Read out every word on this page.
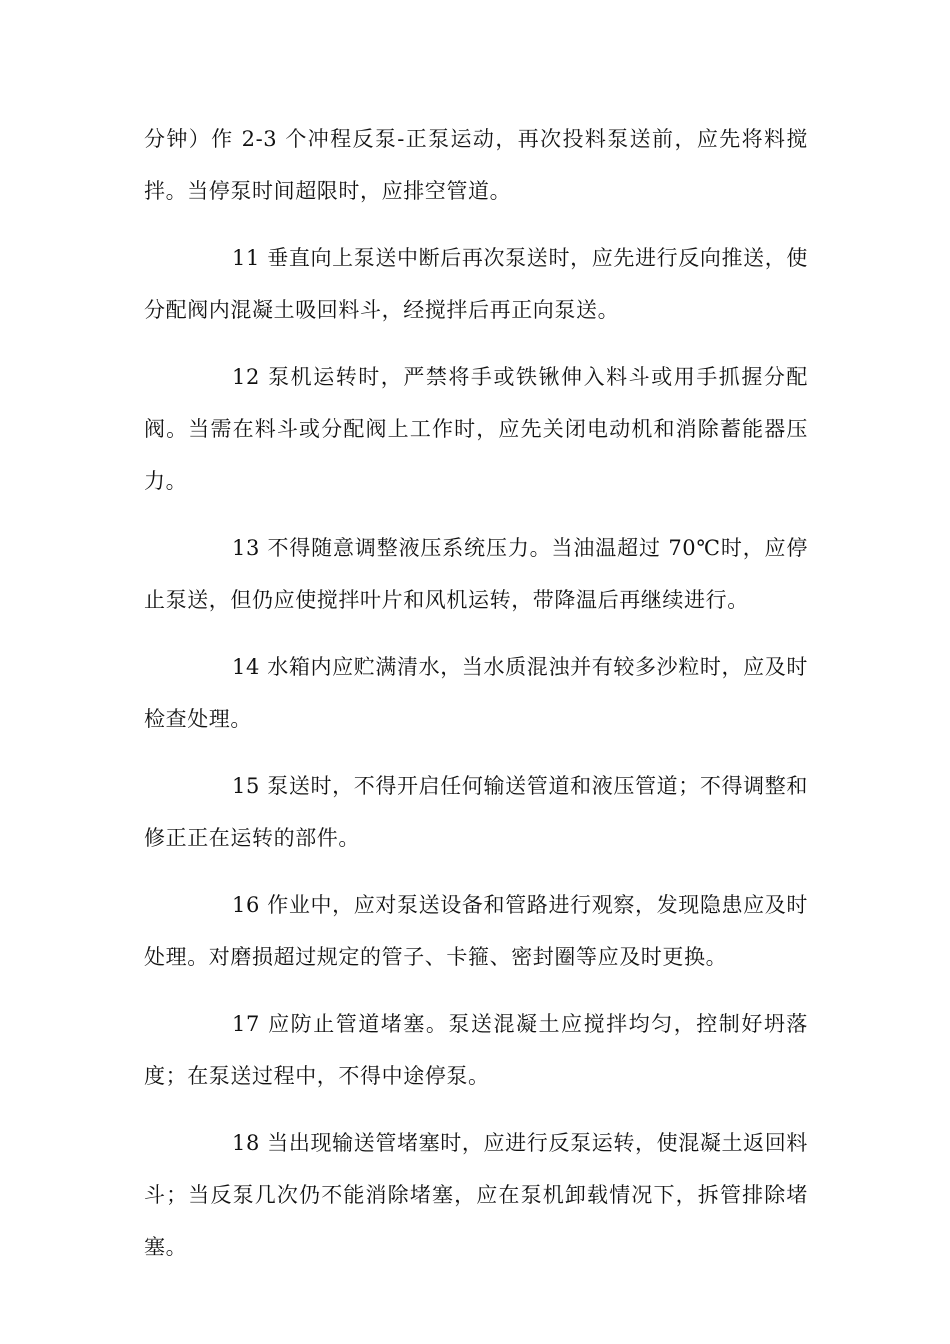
分钟）作 2-3 个冲程反泵-正泵运动，再次投料泵送前，应先将料搅拌。当停泵时间超限时，应排空管道。

11 垂直向上泵送中断后再次泵送时，应先进行反向推送，使分配阀内混凝土吸回料斗，经搅拌后再正向泵送。

12 泵机运转时，严禁将手或铁锹伸入料斗或用手抓握分配阀。当需在料斗或分配阀上工作时，应先关闭电动机和消除蓄能器压力。

13 不得随意调整液压系统压力。当油温超过 70℃时，应停止泵送，但仍应使搅拌叶片和风机运转，带降温后再继续进行。

14 水箱内应贮满清水，当水质混浊并有较多沙粒时，应及时检查处理。

15 泵送时，不得开启任何输送管道和液压管道；不得调整和修正正在运转的部件。

16 作业中，应对泵送设备和管路进行观察，发现隐患应及时处理。对磨损超过规定的管子、卡箍、密封圈等应及时更换。

17 应防止管道堵塞。泵送混凝土应搅拌均匀，控制好坍落度；在泵送过程中，不得中途停泵。

18 当出现输送管堵塞时，应进行反泵运转，使混凝土返回料斗；当反泵几次仍不能消除堵塞，应在泵机卸载情况下，拆管排除堵塞。
